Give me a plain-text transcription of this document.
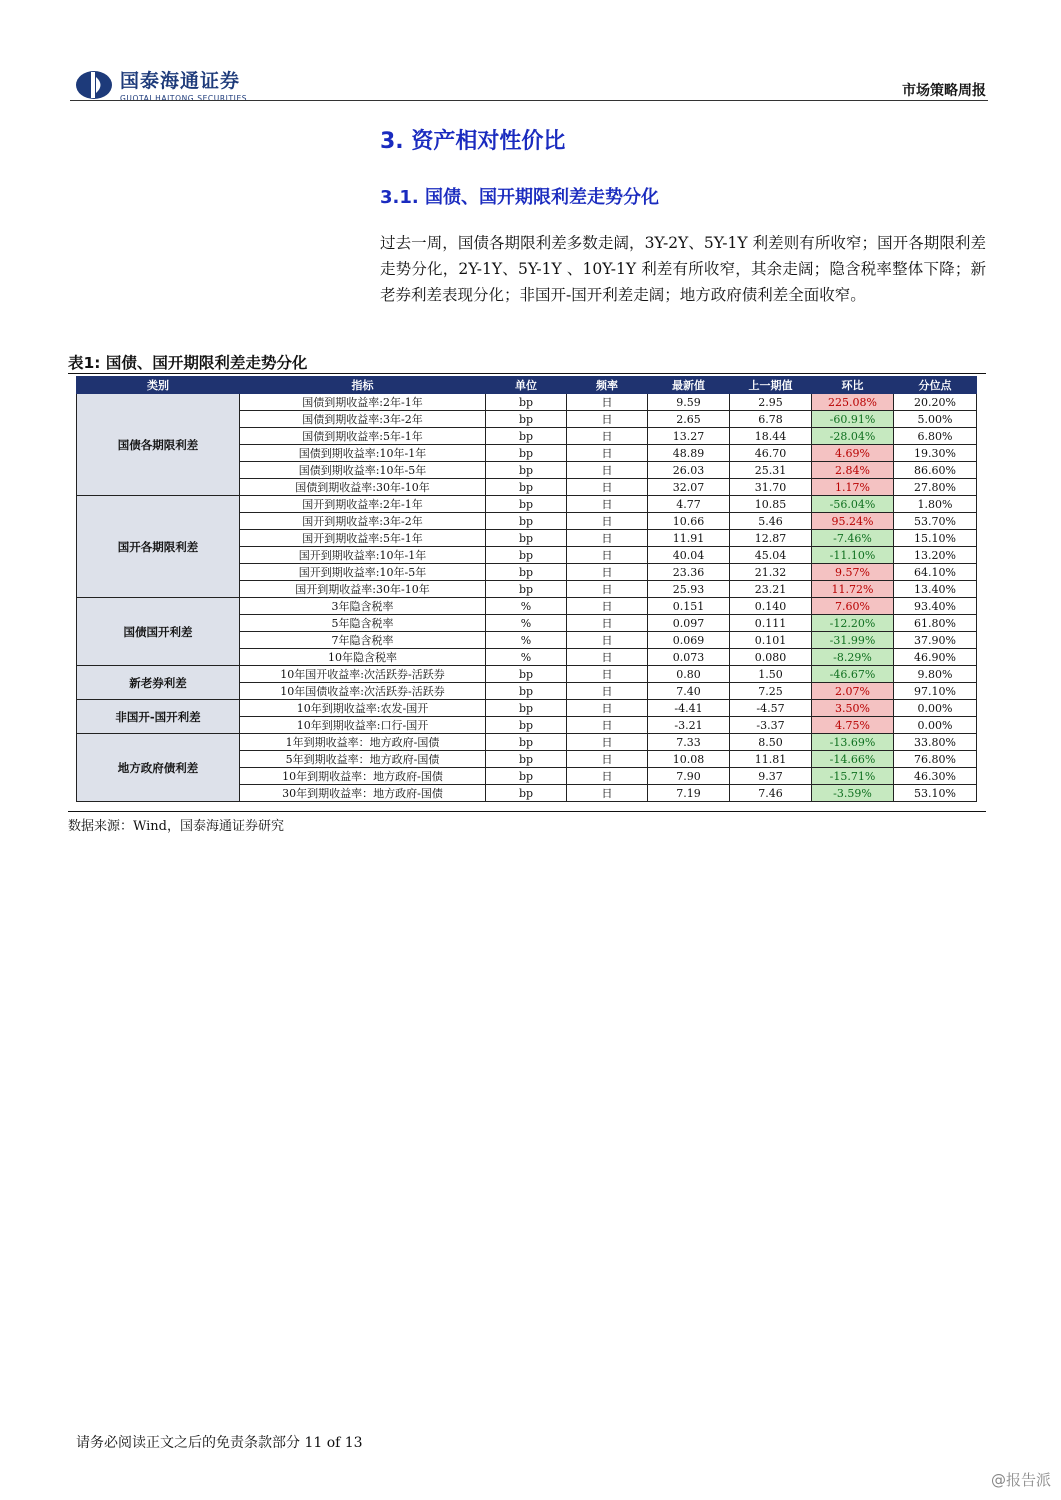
国泰海通证券
GUOTAI HAITONG SECURITIES	市场策略周报
3. 资产相对性价比
3.1. 国债、国开期限利差走势分化
过去一周，国债各期限利差多数走阔，3Y-2Y、5Y-1Y 利差则有所收窄；国开各期限利差走势分化，2Y-1Y、5Y-1Y 、10Y-1Y 利差有所收窄，其余走阔；隐含税率整体下降；新老券利差表现分化；非国开-国开利差走阔；地方政府债利差全面收窄。
表1: 国债、国开期限利差走势分化
类别	指标	单位	频率	最新值	上一期值	环比	分位点
国债各期限利差	国债到期收益率:2年-1年	bp	日	9.59	2.95	225.08%	20.20%
	国债到期收益率:3年-2年	bp	日	2.65	6.78	-60.91%	5.00%
	国债到期收益率:5年-1年	bp	日	13.27	18.44	-28.04%	6.80%
	国债到期收益率:10年-1年	bp	日	48.89	46.70	4.69%	19.30%
	国债到期收益率:10年-5年	bp	日	26.03	25.31	2.84%	86.60%
	国债到期收益率:30年-10年	bp	日	32.07	31.70	1.17%	27.80%
国开各期限利差	国开到期收益率:2年-1年	bp	日	4.77	10.85	-56.04%	1.80%
	国开到期收益率:3年-2年	bp	日	10.66	5.46	95.24%	53.70%
	国开到期收益率:5年-1年	bp	日	11.91	12.87	-7.46%	15.10%
	国开到期收益率:10年-1年	bp	日	40.04	45.04	-11.10%	13.20%
	国开到期收益率:10年-5年	bp	日	23.36	21.32	9.57%	64.10%
	国开到期收益率:30年-10年	bp	日	25.93	23.21	11.72%	13.40%
国债国开利差	3年隐含税率	%	日	0.151	0.140	7.60%	93.40%
	5年隐含税率	%	日	0.097	0.111	-12.20%	61.80%
	7年隐含税率	%	日	0.069	0.101	-31.99%	37.90%
	10年隐含税率	%	日	0.073	0.080	-8.29%	46.90%
新老券利差	10年国开收益率:次活跃券-活跃券	bp	日	0.80	1.50	-46.67%	9.80%
	10年国债收益率:次活跃券-活跃券	bp	日	7.40	7.25	2.07%	97.10%
非国开-国开利差	10年到期收益率:农发-国开	bp	日	-4.41	-4.57	3.50%	0.00%
	10年到期收益率:口行-国开	bp	日	-3.21	-3.37	4.75%	0.00%
地方政府债利差	1年到期收益率：地方政府-国债	bp	日	7.33	8.50	-13.69%	33.80%
	5年到期收益率：地方政府-国债	bp	日	10.08	11.81	-14.66%	76.80%
	10年到期收益率：地方政府-国债	bp	日	7.90	9.37	-15.71%	46.30%
	30年到期收益率：地方政府-国债	bp	日	7.19	7.46	-3.59%	53.10%
数据来源：Wind，国泰海通证券研究
请务必阅读正文之后的免责条款部分 11 of 13
@报告派
